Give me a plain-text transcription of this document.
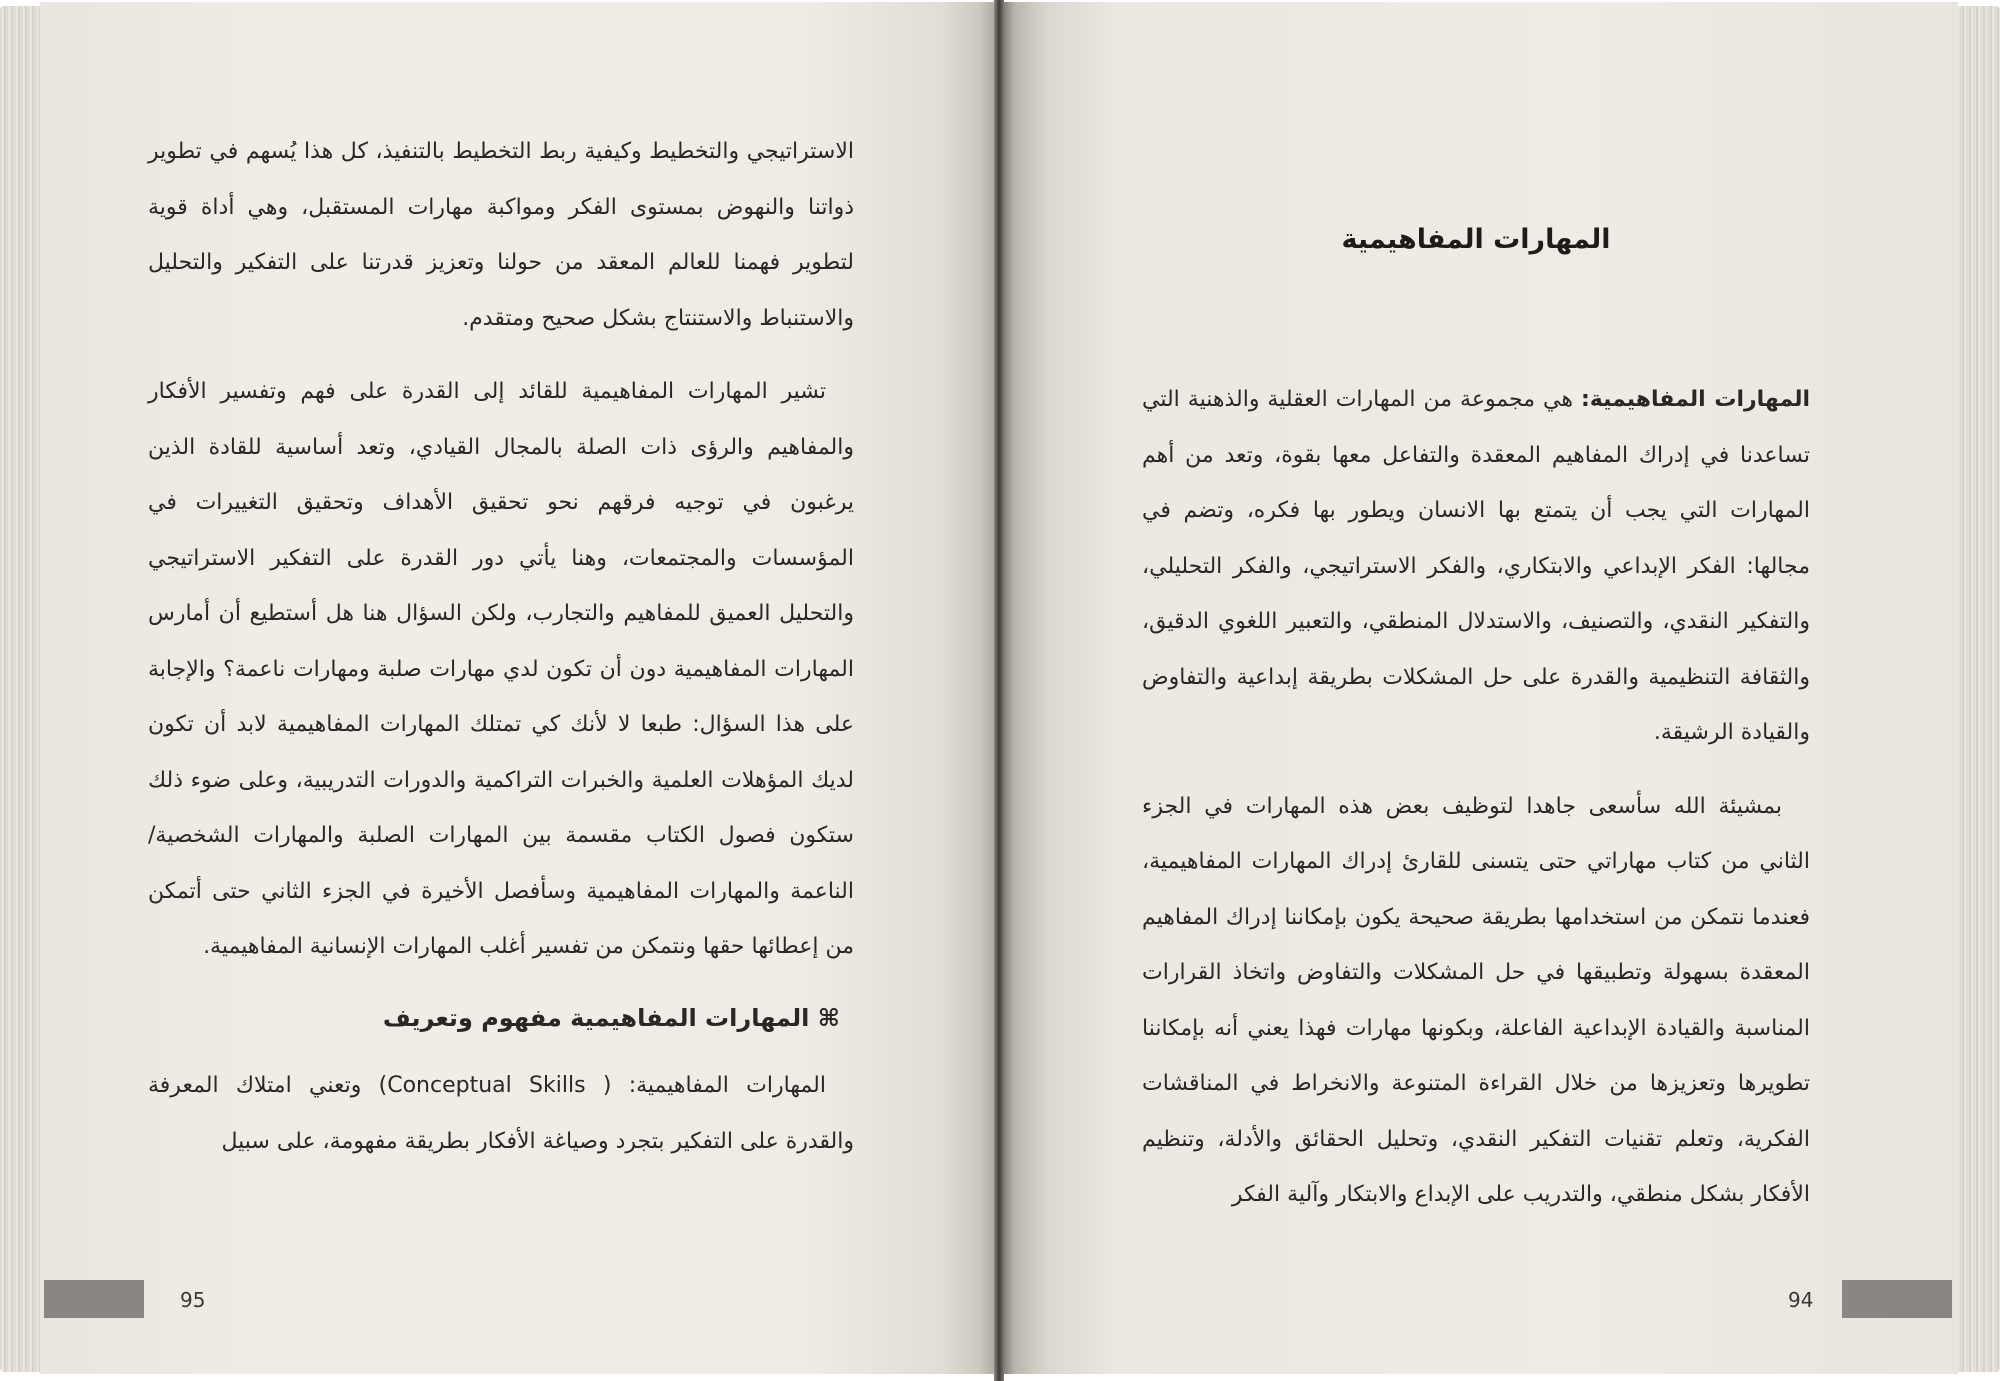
الاستراتيجي والتخطيط وكيفية ربط التخطيط بالتنفيذ، كل هذا يُسهم في تطوير ذواتنا والنهوض بمستوى الفكر ومواكبة مهارات المستقبل، وهي أداة قوية لتطوير فهمنا للعالم المعقد من حولنا وتعزيز قدرتنا على التفكير والتحليل والاستنباط والاستنتاج بشكل صحيح ومتقدم.

تشير المهارات المفاهيمية للقائد إلى القدرة على فهم وتفسير الأفكار والمفاهيم والرؤى ذات الصلة بالمجال القيادي، وتعد أساسية للقادة الذين يرغبون في توجيه فرقهم نحو تحقيق الأهداف وتحقيق التغييرات في المؤسسات والمجتمعات، وهنا يأتي دور القدرة على التفكير الاستراتيجي والتحليل العميق للمفاهيم والتجارب، ولكن السؤال هنا هل أستطيع أن أمارس المهارات المفاهيمية دون أن تكون لدي مهارات صلبة ومهارات ناعمة؟ والإجابة على هذا السؤال: طبعا لا لأنك كي تمتلك المهارات المفاهيمية لابد أن تكون لديك المؤهلات العلمية والخبرات التراكمية والدورات التدريبية، وعلى ضوء ذلك ستكون فصول الكتاب مقسمة بين المهارات الصلبة والمهارات الشخصية/ الناعمة والمهارات المفاهيمية وسأفصل الأخيرة في الجزء الثاني حتى أتمكن من إعطائها حقها ونتمكن من تفسير أغلب المهارات الإنسانية المفاهيمية.

⌘ المهارات المفاهيمية مفهوم وتعريف

المهارات المفاهيمية: ( Conceptual Skills) وتعني امتلاك المعرفة والقدرة على التفكير بتجرد وصياغة الأفكار بطريقة مفهومة، على سبيل

المهارات المفاهيمية

المهارات المفاهيمية: هي مجموعة من المهارات العقلية والذهنية التي تساعدنا في إدراك المفاهيم المعقدة والتفاعل معها بقوة، وتعد من أهم المهارات التي يجب أن يتمتع بها الانسان ويطور بها فكره، وتضم في مجالها: الفكر الإبداعي والابتكاري، والفكر الاستراتيجي، والفكر التحليلي، والتفكير النقدي، والتصنيف، والاستدلال المنطقي، والتعبير اللغوي الدقيق، والثقافة التنظيمية والقدرة على حل المشكلات بطريقة إبداعية والتفاوض والقيادة الرشيقة.

بمشيئة الله سأسعى جاهدا لتوظيف بعض هذه المهارات في الجزء الثاني من كتاب مهاراتي حتى يتسنى للقارئ إدراك المهارات المفاهيمية، فعندما نتمكن من استخدامها بطريقة صحيحة يكون بإمكاننا إدراك المفاهيم المعقدة بسهولة وتطبيقها في حل المشكلات والتفاوض واتخاذ القرارات المناسبة والقيادة الإبداعية الفاعلة، وبكونها مهارات فهذا يعني أنه بإمكاننا تطويرها وتعزيزها من خلال القراءة المتنوعة والانخراط في المناقشات الفكرية، وتعلم تقنيات التفكير النقدي، وتحليل الحقائق والأدلة، وتنظيم الأفكار بشكل منطقي، والتدريب على الإبداع والابتكار وآلية الفكر

95	94
